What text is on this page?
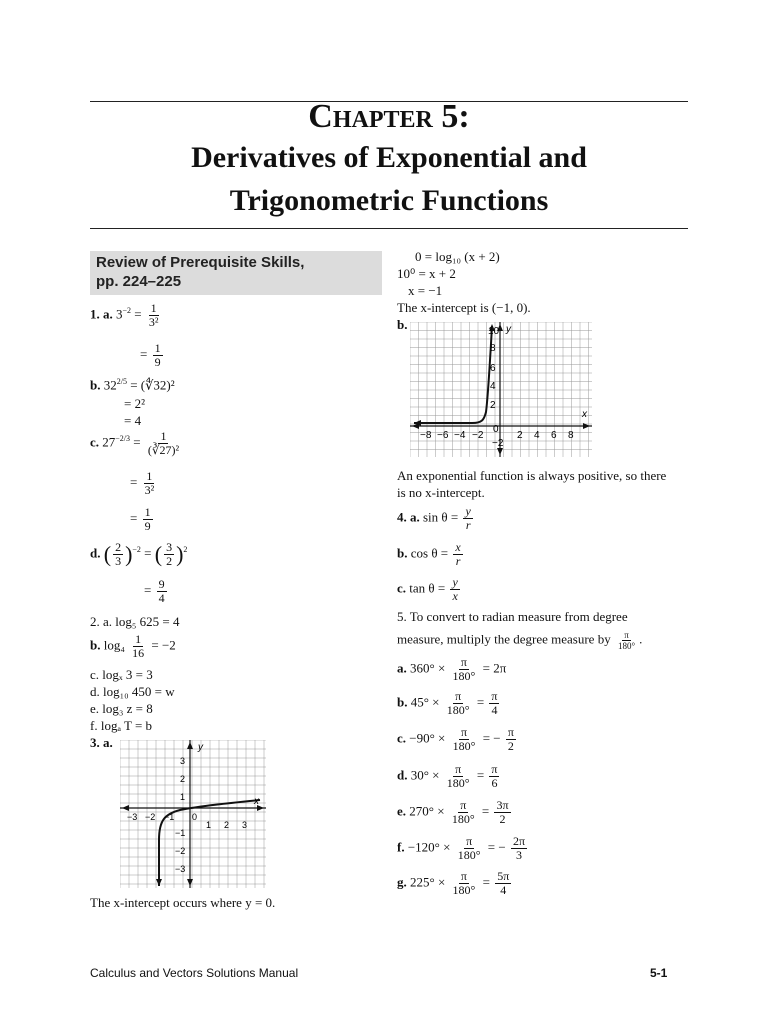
Chapter 5:
Derivatives of Exponential and
Trigonometric Functions
Review of Prerequisite Skills,
pp. 224–225
1. a. $3^{-2} = \frac{1}{\text{3²}}$
= $\frac{1}{9}$
b. $32^{2/5}$ = (∜32)²
= 2²
= 4
c. $27^{-2/3} = \frac{1}{\text{(∛27)²}}$
= $\frac{1}{\text{3²}}$
= $\frac{1}{9}$
d. ( $\frac{2}{3} )^{-2}$ = ( $\frac{3}{2} )^2$
= $\frac{9}{4}$
2. a. log₅ 625 = 4
b. $\log_4 \frac{1}{16} = -2$
c. logₓ 3 = 3
d. log₁₀ 450 = w
e. log₃ z = 8
f. logₐ T = b
3. a.	y
x
−3 −2 −1 0
1 2 3
3
2
1
−1
−2
−3
The x-intercept occurs where y = 0.
0 = log₁₀ (x + 2)
10⁰ = x + 2
x = −1
The x-intercept is (−1, 0).
b.	y
x
−8 −6 −4 −2
0
2 4 6 8
10
8
6
4
2
−2
An exponential function is always positive, so there
is no x-intercept.
4. a. $\sin \theta = \frac{y}{r}$
b. $\cos \theta = \frac{x}{r}$
c. $\tan \theta = \frac{y}{x}$
5. To convert to radian measure from degree
measure, multiply the degree measure by $\frac{\pi}{180^\circ}$ .
a. $360^\circ \times \frac{\pi}{180^\circ} = 2\pi$
b. $45^\circ \times \frac{\pi}{180^\circ} = \frac{\pi}{4}$
c. $-90^\circ \times \frac{\pi}{180^\circ}$ = − $\frac{\pi}{2}$
d. $30^\circ \times \frac{\pi}{180^\circ} = \frac{\pi}{6}$
e. $270^\circ \times \frac{\pi}{180^\circ} = \frac{3\pi}{2}$
f. $-120^\circ \times \frac{\pi}{180^\circ}$ = − $\frac{2\pi}{3}$
g. $225^\circ \times \frac{\pi}{180^\circ} = \frac{5\pi}{4}$
Calculus and Vectors Solutions Manual	5-1
